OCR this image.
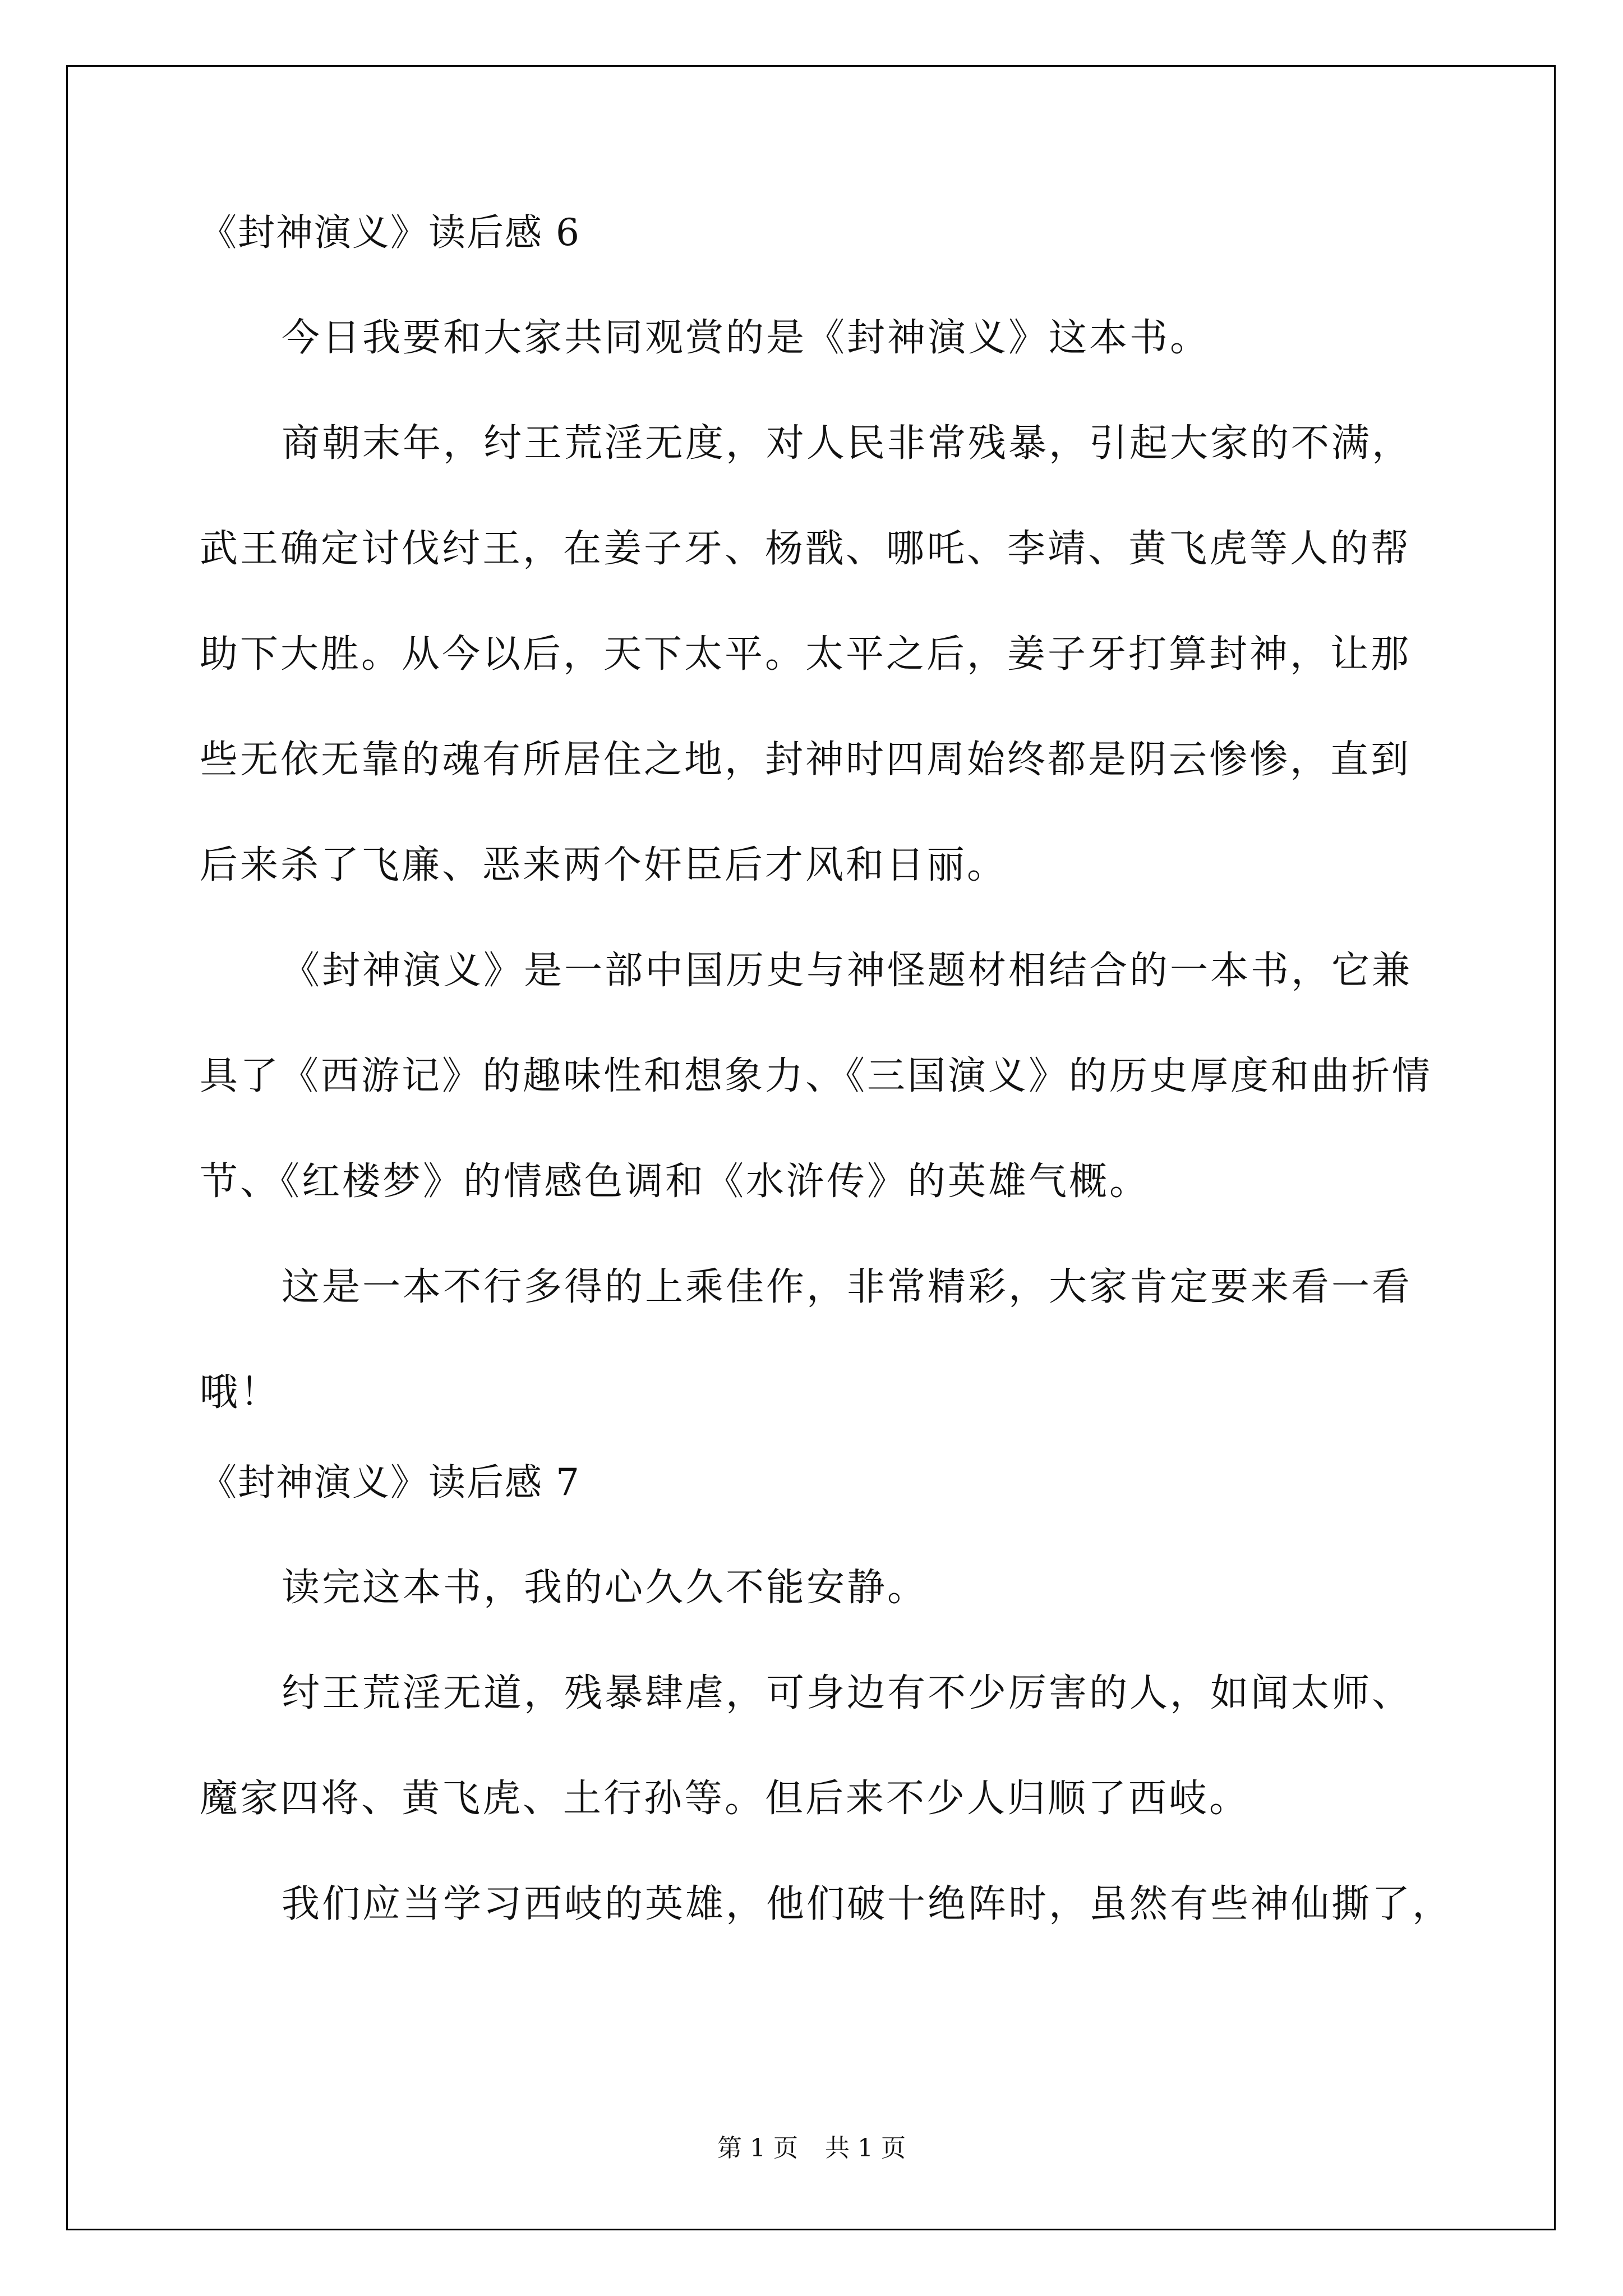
《封神演义》读后感 6
今日我要和大家共同观赏的是《封神演义》这本书。
商朝末年，纣王荒淫无度，对人民非常残暴，引起大家的不满，
武王确定讨伐纣王，在姜子牙、杨戬、哪吒、李靖、黄飞虎等人的帮
助下大胜。从今以后，天下太平。太平之后，姜子牙打算封神，让那
些无依无靠的魂有所居住之地，封神时四周始终都是阴云惨惨，直到
后来杀了飞廉、恶来两个奸臣后才风和日丽。
《封神演义》是一部中国历史与神怪题材相结合的一本书，它兼
具了《西游记》的趣味性和想象力、《三国演义》的历史厚度和曲折情
节、《红楼梦》的情感色调和《水浒传》的英雄气概。
这是一本不行多得的上乘佳作，非常精彩，大家肯定要来看一看
哦！
《封神演义》读后感 7
读完这本书，我的心久久不能安静。
纣王荒淫无道，残暴肆虐，可身边有不少厉害的人，如闻太师、
魔家四将、黄飞虎、土行孙等。但后来不少人归顺了西岐。
我们应当学习西岐的英雄，他们破十绝阵时，虽然有些神仙撕了，
第 1 页 共 1 页
